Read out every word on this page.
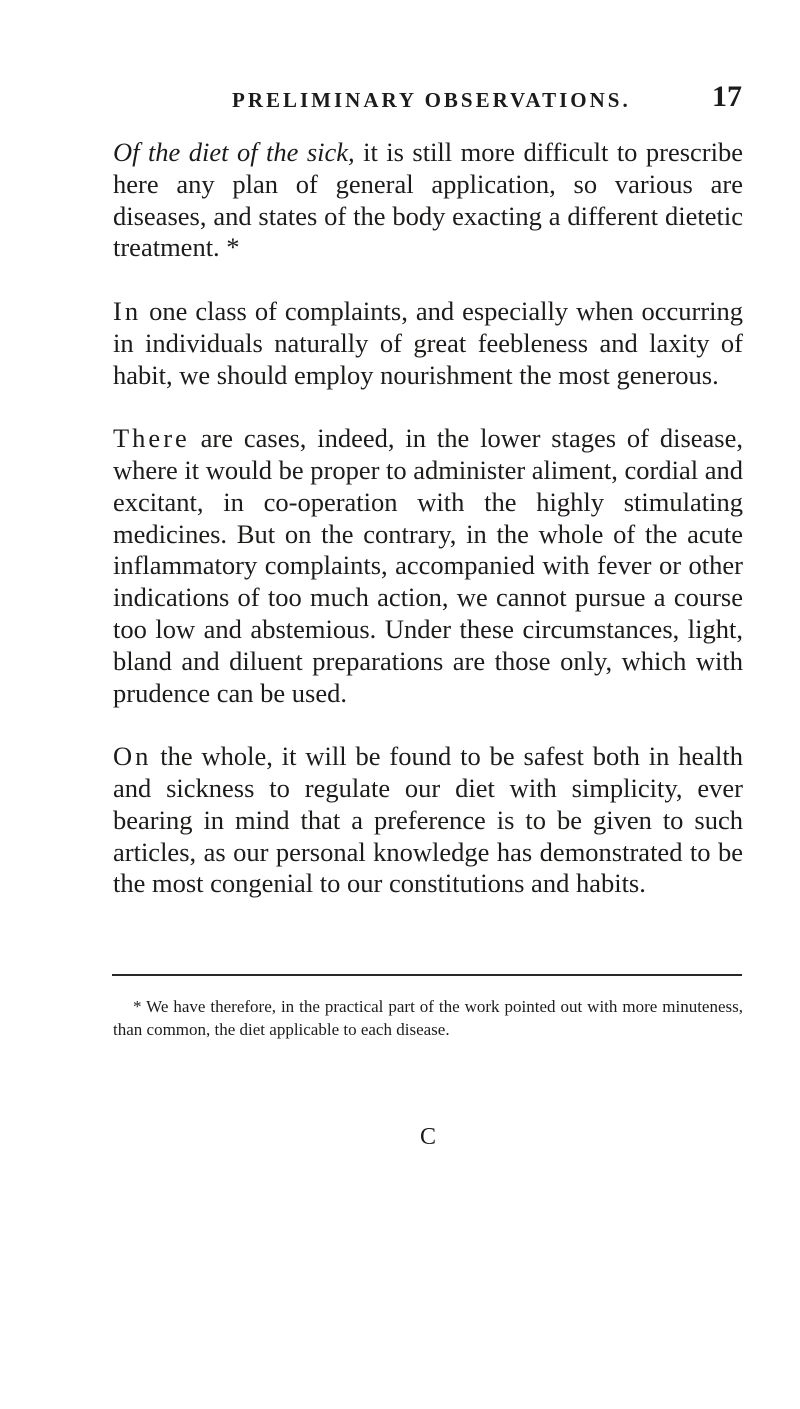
PRELIMINARY OBSERVATIONS.	17

Of the diet of the sick, it is still more difficult to prescribe here any plan of general application, so various are diseases, and states of the body exacting a different dietetic treatment. *

In one class of complaints, and especially when occurring in individuals naturally of great feebleness and laxity of habit, we should employ nourishment the most generous.

There are cases, indeed, in the lower stages of disease, where it would be proper to administer aliment, cordial and excitant, in co-operation with the highly stimulating medicines. But on the contrary, in the whole of the acute inflammatory complaints, accompanied with fever or other indications of too much action, we cannot pursue a course too low and abstemious. Under these circumstances, light, bland and diluent preparations are those only, which with prudence can be used.

On the whole, it will be found to be safest both in health and sickness to regulate our diet with simplicity, ever bearing in mind that a preference is to be given to such articles, as our personal knowledge has demonstrated to be the most congenial to our constitutions and habits.

* We have therefore, in the practical part of the work pointed out with more minuteness, than common, the diet applicable to each disease.

C
